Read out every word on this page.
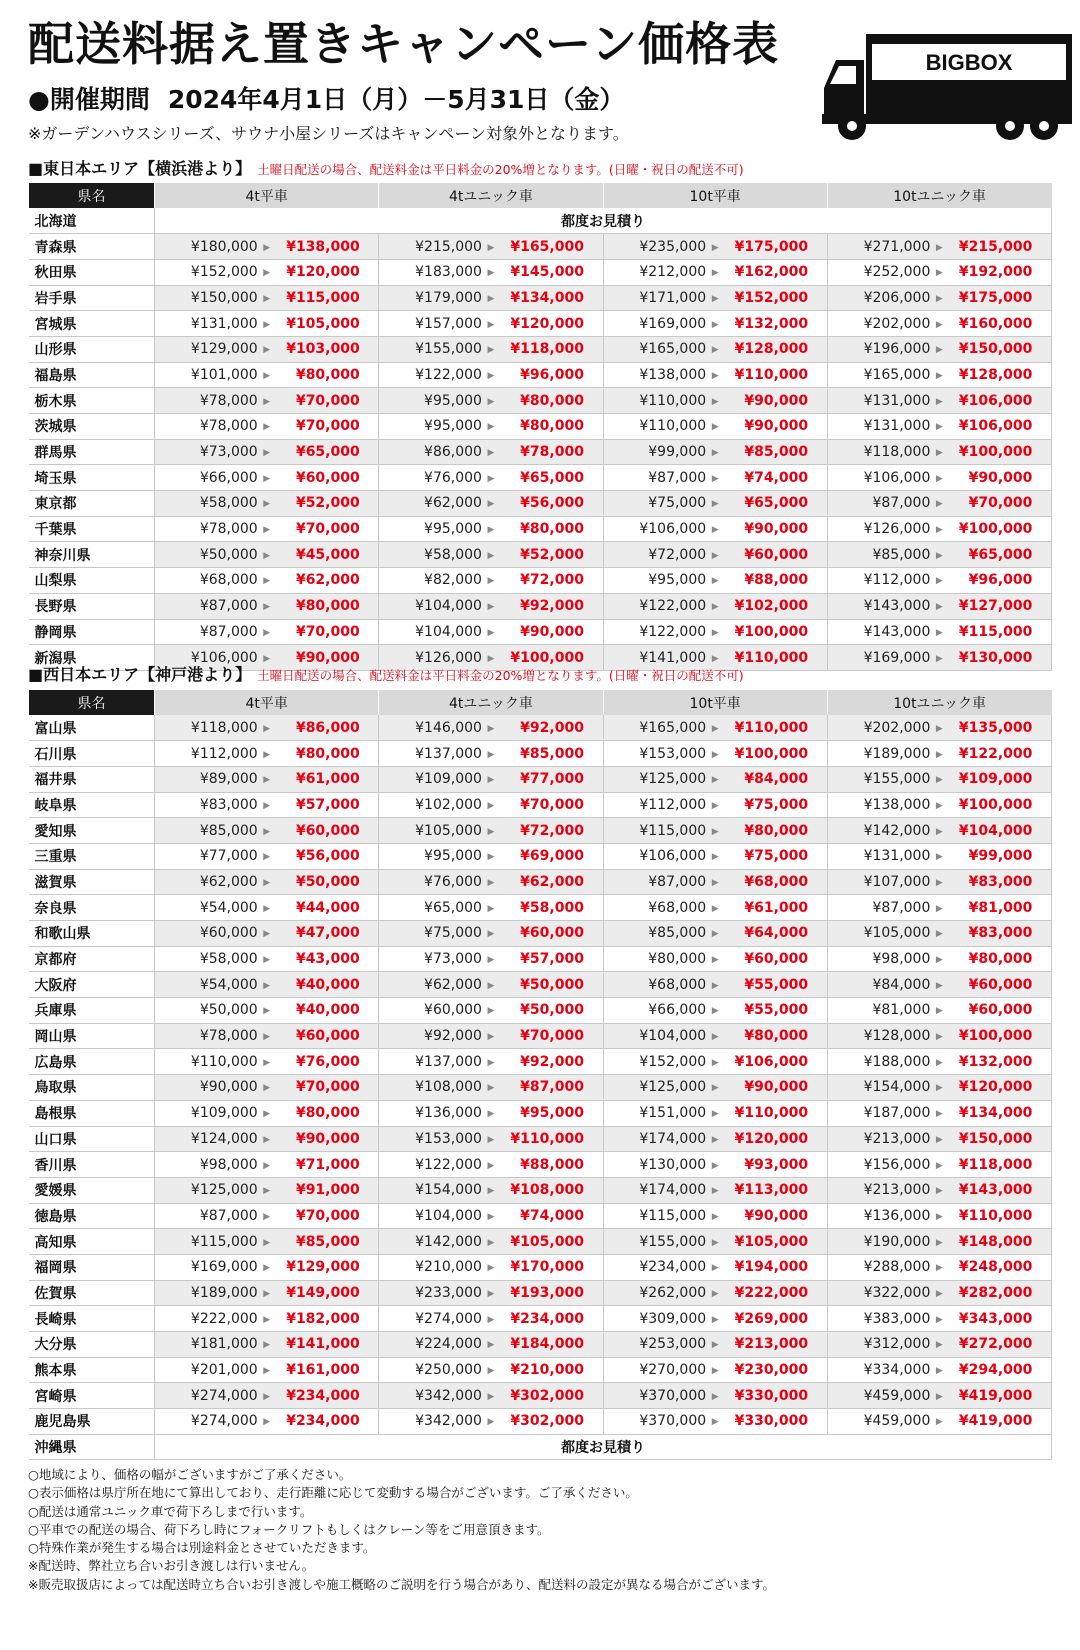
配送料据え置きキャンペーン価格表
●開催期間 2024年4月1日（月）－5月31日（金）
※ガーデンハウスシリーズ、サウナ小屋シリーズはキャンペーン対象外となります。
BIGBOX
■東日本エリア【横浜港より】 土曜日配送の場合、配送料金は平日料金の20%増となります。(日曜・祝日の配送不可)
県名	4t平車	4tユニック車	10t平車	10tユニック車
北海道	都度お見積り			
青森県	¥180,000 ▶ ¥138,000	¥215,000 ▶ ¥165,000	¥235,000 ▶ ¥175,000	¥271,000 ▶ ¥215,000
秋田県	¥152,000 ▶ ¥120,000	¥183,000 ▶ ¥145,000	¥212,000 ▶ ¥162,000	¥252,000 ▶ ¥192,000
岩手県	¥150,000 ▶ ¥115,000	¥179,000 ▶ ¥134,000	¥171,000 ▶ ¥152,000	¥206,000 ▶ ¥175,000
宮城県	¥131,000 ▶ ¥105,000	¥157,000 ▶ ¥120,000	¥169,000 ▶ ¥132,000	¥202,000 ▶ ¥160,000
山形県	¥129,000 ▶ ¥103,000	¥155,000 ▶ ¥118,000	¥165,000 ▶ ¥128,000	¥196,000 ▶ ¥150,000
福島県	¥101,000 ▶ ¥80,000	¥122,000 ▶ ¥96,000	¥138,000 ▶ ¥110,000	¥165,000 ▶ ¥128,000
栃木県	¥78,000 ▶ ¥70,000	¥95,000 ▶ ¥80,000	¥110,000 ▶ ¥90,000	¥131,000 ▶ ¥106,000
茨城県	¥78,000 ▶ ¥70,000	¥95,000 ▶ ¥80,000	¥110,000 ▶ ¥90,000	¥131,000 ▶ ¥106,000
群馬県	¥73,000 ▶ ¥65,000	¥86,000 ▶ ¥78,000	¥99,000 ▶ ¥85,000	¥118,000 ▶ ¥100,000
埼玉県	¥66,000 ▶ ¥60,000	¥76,000 ▶ ¥65,000	¥87,000 ▶ ¥74,000	¥106,000 ▶ ¥90,000
東京都	¥58,000 ▶ ¥52,000	¥62,000 ▶ ¥56,000	¥75,000 ▶ ¥65,000	¥87,000 ▶ ¥70,000
千葉県	¥78,000 ▶ ¥70,000	¥95,000 ▶ ¥80,000	¥106,000 ▶ ¥90,000	¥126,000 ▶ ¥100,000
神奈川県	¥50,000 ▶ ¥45,000	¥58,000 ▶ ¥52,000	¥72,000 ▶ ¥60,000	¥85,000 ▶ ¥65,000
山梨県	¥68,000 ▶ ¥62,000	¥82,000 ▶ ¥72,000	¥95,000 ▶ ¥88,000	¥112,000 ▶ ¥96,000
長野県	¥87,000 ▶ ¥80,000	¥104,000 ▶ ¥92,000	¥122,000 ▶ ¥102,000	¥143,000 ▶ ¥127,000
静岡県	¥87,000 ▶ ¥70,000	¥104,000 ▶ ¥90,000	¥122,000 ▶ ¥100,000	¥143,000 ▶ ¥115,000
新潟県	¥106,000 ▶ ¥90,000	¥126,000 ▶ ¥100,000	¥141,000 ▶ ¥110,000	¥169,000 ▶ ¥130,000
■西日本エリア【神戸港より】 土曜日配送の場合、配送料金は平日料金の20%増となります。(日曜・祝日の配送不可)
県名	4t平車	4tユニック車	10t平車	10tユニック車
富山県	¥118,000 ▶ ¥86,000	¥146,000 ▶ ¥92,000	¥165,000 ▶ ¥110,000	¥202,000 ▶ ¥135,000
石川県	¥112,000 ▶ ¥80,000	¥137,000 ▶ ¥85,000	¥153,000 ▶ ¥100,000	¥189,000 ▶ ¥122,000
福井県	¥89,000 ▶ ¥61,000	¥109,000 ▶ ¥77,000	¥125,000 ▶ ¥84,000	¥155,000 ▶ ¥109,000
岐阜県	¥83,000 ▶ ¥57,000	¥102,000 ▶ ¥70,000	¥112,000 ▶ ¥75,000	¥138,000 ▶ ¥100,000
愛知県	¥85,000 ▶ ¥60,000	¥105,000 ▶ ¥72,000	¥115,000 ▶ ¥80,000	¥142,000 ▶ ¥104,000
三重県	¥77,000 ▶ ¥56,000	¥95,000 ▶ ¥69,000	¥106,000 ▶ ¥75,000	¥131,000 ▶ ¥99,000
滋賀県	¥62,000 ▶ ¥50,000	¥76,000 ▶ ¥62,000	¥87,000 ▶ ¥68,000	¥107,000 ▶ ¥83,000
奈良県	¥54,000 ▶ ¥44,000	¥65,000 ▶ ¥58,000	¥68,000 ▶ ¥61,000	¥87,000 ▶ ¥81,000
和歌山県	¥60,000 ▶ ¥47,000	¥75,000 ▶ ¥60,000	¥85,000 ▶ ¥64,000	¥105,000 ▶ ¥83,000
京都府	¥58,000 ▶ ¥43,000	¥73,000 ▶ ¥57,000	¥80,000 ▶ ¥60,000	¥98,000 ▶ ¥80,000
大阪府	¥54,000 ▶ ¥40,000	¥62,000 ▶ ¥50,000	¥68,000 ▶ ¥55,000	¥84,000 ▶ ¥60,000
兵庫県	¥50,000 ▶ ¥40,000	¥60,000 ▶ ¥50,000	¥66,000 ▶ ¥55,000	¥81,000 ▶ ¥60,000
岡山県	¥78,000 ▶ ¥60,000	¥92,000 ▶ ¥70,000	¥104,000 ▶ ¥80,000	¥128,000 ▶ ¥100,000
広島県	¥110,000 ▶ ¥76,000	¥137,000 ▶ ¥92,000	¥152,000 ▶ ¥106,000	¥188,000 ▶ ¥132,000
鳥取県	¥90,000 ▶ ¥70,000	¥108,000 ▶ ¥87,000	¥125,000 ▶ ¥90,000	¥154,000 ▶ ¥120,000
島根県	¥109,000 ▶ ¥80,000	¥136,000 ▶ ¥95,000	¥151,000 ▶ ¥110,000	¥187,000 ▶ ¥134,000
山口県	¥124,000 ▶ ¥90,000	¥153,000 ▶ ¥110,000	¥174,000 ▶ ¥120,000	¥213,000 ▶ ¥150,000
香川県	¥98,000 ▶ ¥71,000	¥122,000 ▶ ¥88,000	¥130,000 ▶ ¥93,000	¥156,000 ▶ ¥118,000
愛媛県	¥125,000 ▶ ¥91,000	¥154,000 ▶ ¥108,000	¥174,000 ▶ ¥113,000	¥213,000 ▶ ¥143,000
徳島県	¥87,000 ▶ ¥70,000	¥104,000 ▶ ¥74,000	¥115,000 ▶ ¥90,000	¥136,000 ▶ ¥110,000
高知県	¥115,000 ▶ ¥85,000	¥142,000 ▶ ¥105,000	¥155,000 ▶ ¥105,000	¥190,000 ▶ ¥148,000
福岡県	¥169,000 ▶ ¥129,000	¥210,000 ▶ ¥170,000	¥234,000 ▶ ¥194,000	¥288,000 ▶ ¥248,000
佐賀県	¥189,000 ▶ ¥149,000	¥233,000 ▶ ¥193,000	¥262,000 ▶ ¥222,000	¥322,000 ▶ ¥282,000
長崎県	¥222,000 ▶ ¥182,000	¥274,000 ▶ ¥234,000	¥309,000 ▶ ¥269,000	¥383,000 ▶ ¥343,000
大分県	¥181,000 ▶ ¥141,000	¥224,000 ▶ ¥184,000	¥253,000 ▶ ¥213,000	¥312,000 ▶ ¥272,000
熊本県	¥201,000 ▶ ¥161,000	¥250,000 ▶ ¥210,000	¥270,000 ▶ ¥230,000	¥334,000 ▶ ¥294,000
宮崎県	¥274,000 ▶ ¥234,000	¥342,000 ▶ ¥302,000	¥370,000 ▶ ¥330,000	¥459,000 ▶ ¥419,000
鹿児島県	¥274,000 ▶ ¥234,000	¥342,000 ▶ ¥302,000	¥370,000 ▶ ¥330,000	¥459,000 ▶ ¥419,000
沖縄県	都度お見積り			
○地域により、価格の幅がございますがご了承ください。
○表示価格は県庁所在地にて算出しており、走行距離に応じて変動する場合がございます。ご了承ください。
○配送は通常ユニック車で荷下ろしまで行います。
○平車での配送の場合、荷下ろし時にフォークリフトもしくはクレーン等をご用意頂きます。
○特殊作業が発生する場合は別途料金とさせていただきます。
※配送時、弊社立ち合いお引き渡しは行いません。
※販売取扱店によっては配送時立ち合いお引き渡しや施工概略のご説明を行う場合があり、配送料の設定が異なる場合がございます。
